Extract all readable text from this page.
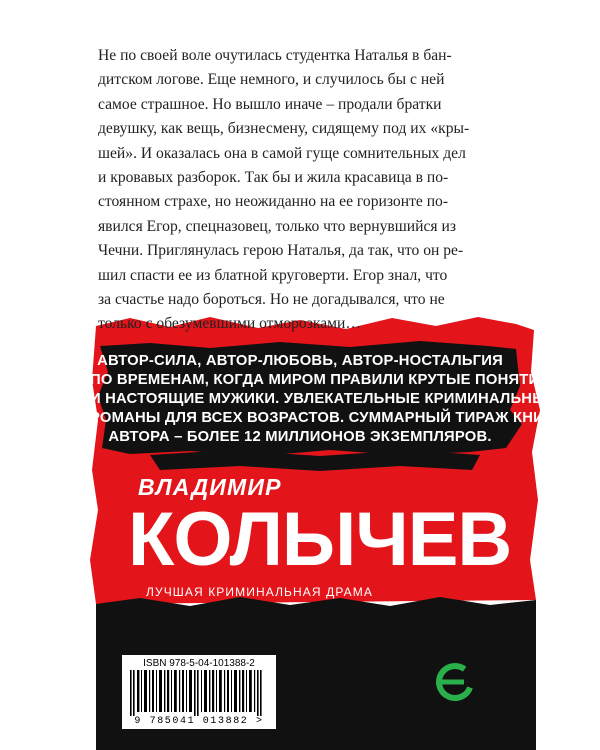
Не по своей воле очутилась студентка Наталья в бан-
дитском логове. Еще немного, и случилось бы с ней
самое страшное. Но вышло иначе – продали братки
девушку, как вещь, бизнесмену, сидящему под их «кры-
шей». И оказалась она в самой гуще сомнительных дел
и кровавых разборок. Так бы и жила красавица в по-
стоянном страхе, но неожиданно на ее горизонте по-
явился Егор, спецназовец, только что вернувшийся из
Чечни. Приглянулась герою Наталья, да так, что он ре-
шил спасти ее из блатной круговерти. Егор знал, что
за счастье надо бороться. Но не догадывался, что не
только с обезумевшими отморозками…

АВТОР-СИЛА, АВТОР-ЛЮБОВЬ, АВТОР-НОСТАЛЬГИЯ
ПО ВРЕМЕНАМ, КОГДА МИРОМ ПРАВИЛИ КРУТЫЕ ПОНЯТИЯ
И НАСТОЯЩИЕ МУЖИКИ. УВЛЕКАТЕЛЬНЫЕ КРИМИНАЛЬНЫЕ
РОМАНЫ ДЛЯ ВСЕХ ВОЗРАСТОВ. СУММАРНЫЙ ТИРАЖ КНИГ
АВТОРА – БОЛЕЕ 12 МИЛЛИОНОВ ЭКЗЕМПЛЯРОВ.

ВЛАДИМИР
КОЛЫЧЕВ
ЛУЧШАЯ КРИМИНАЛЬНАЯ ДРАМА
ISBN 978-5-04-101388-2
9 785041 013882 >
